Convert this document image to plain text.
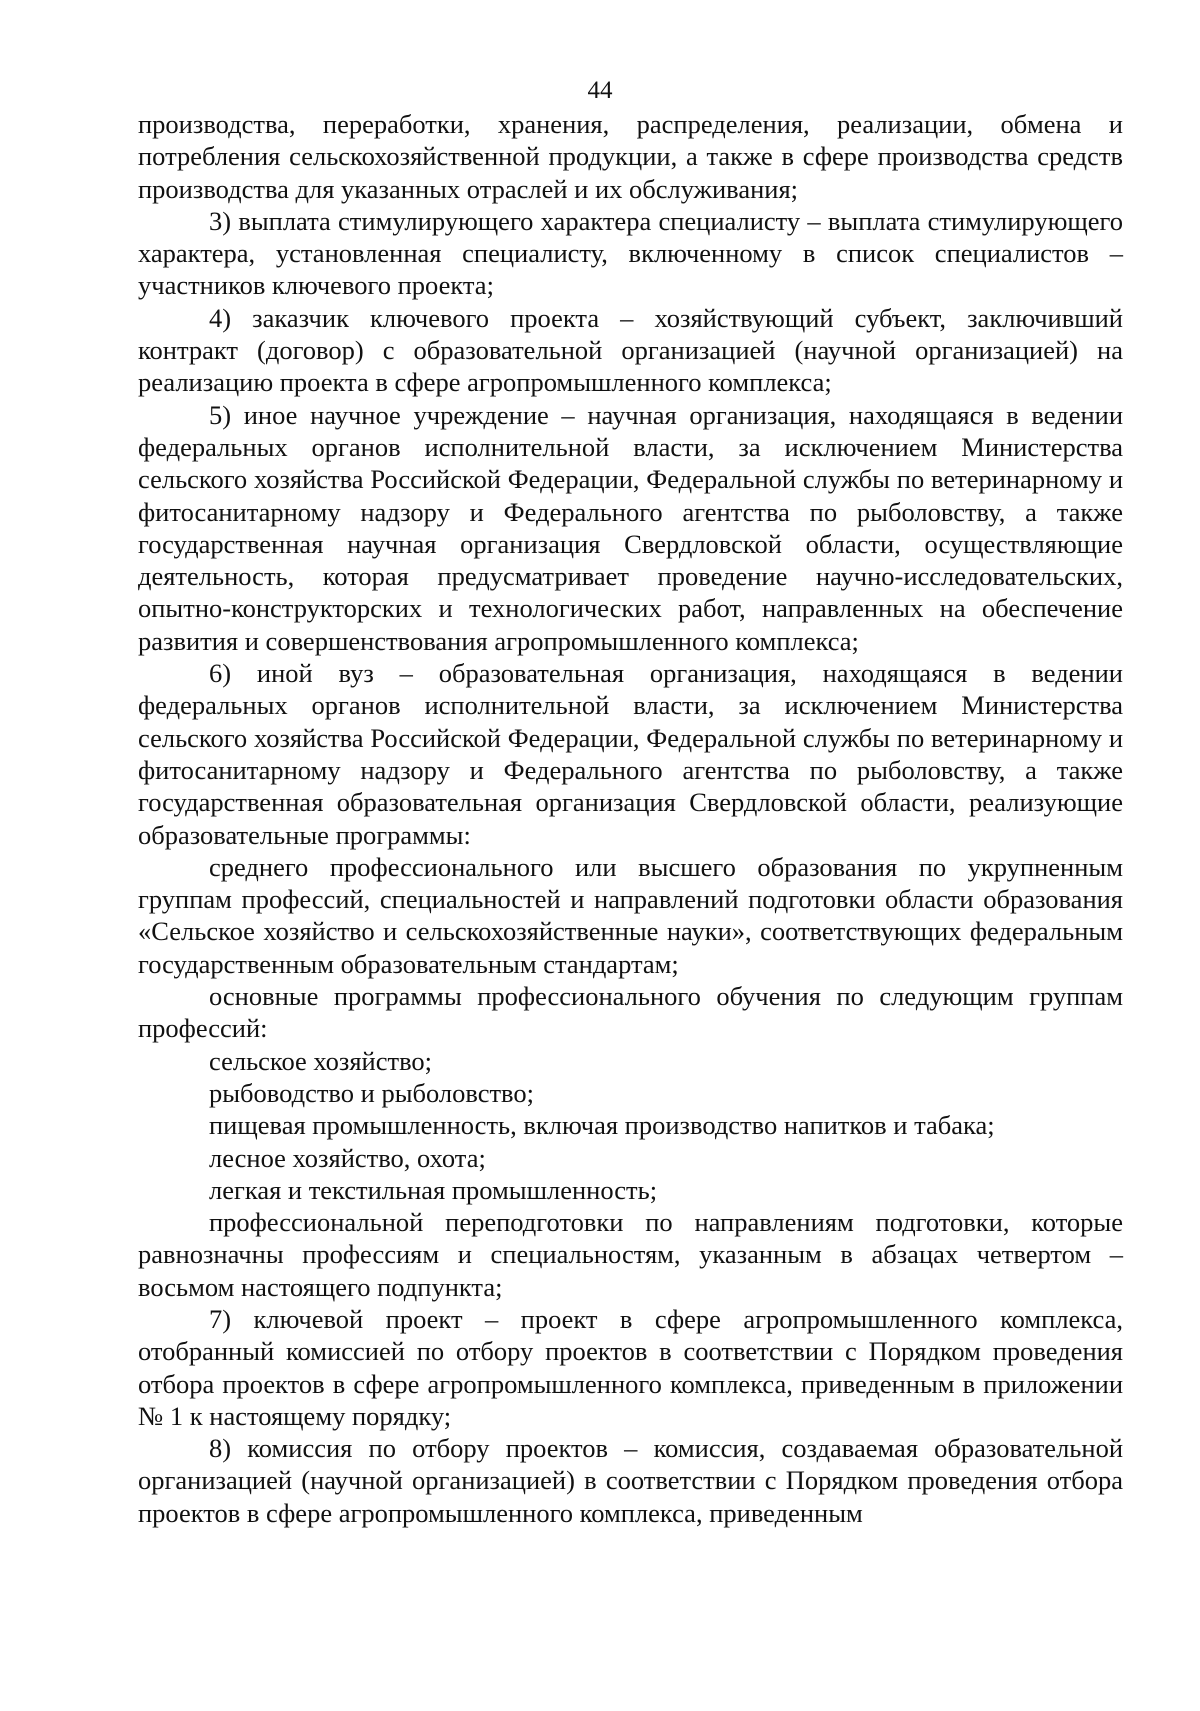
44

производства, переработки, хранения, распределения, реализации, обмена и потребления сельскохозяйственной продукции, а также в сфере производства средств производства для указанных отраслей и их обслуживания;

3) выплата стимулирующего характера специалисту – выплата стимулирующего характера, установленная специалисту, включенному в список специалистов – участников ключевого проекта;

4) заказчик ключевого проекта – хозяйствующий субъект, заключивший контракт (договор) с образовательной организацией (научной организацией) на реализацию проекта в сфере агропромышленного комплекса;

5) иное научное учреждение – научная организация, находящаяся в ведении федеральных органов исполнительной власти, за исключением Министерства сельского хозяйства Российской Федерации, Федеральной службы по ветеринарному и фитосанитарному надзору и Федерального агентства по рыболовству, а также государственная научная организация Свердловской области, осуществляющие деятельность, которая предусматривает проведение научно-исследовательских, опытно-конструкторских и технологических работ, направленных на обеспечение развития и совершенствования агропромышленного комплекса;

6) иной вуз – образовательная организация, находящаяся в ведении федеральных органов исполнительной власти, за исключением Министерства сельского хозяйства Российской Федерации, Федеральной службы по ветеринарному и фитосанитарному надзору и Федерального агентства по рыболовству, а также государственная образовательная организация Свердловской области, реализующие образовательные программы:

среднего профессионального или высшего образования по укрупненным группам профессий, специальностей и направлений подготовки области образования «Сельское хозяйство и сельскохозяйственные науки», соответствующих федеральным государственным образовательным стандартам;

основные программы профессионального обучения по следующим группам профессий:

сельское хозяйство;

рыбоводство и рыболовство;

пищевая промышленность, включая производство напитков и табака;

лесное хозяйство, охота;

легкая и текстильная промышленность;

профессиональной переподготовки по направлениям подготовки, которые равнозначны профессиям и специальностям, указанным в абзацах четвертом – восьмом настоящего подпункта;

7) ключевой проект – проект в сфере агропромышленного комплекса, отобранный комиссией по отбору проектов в соответствии с Порядком проведения отбора проектов в сфере агропромышленного комплекса, приведенным в приложении № 1 к настоящему порядку;

8) комиссия по отбору проектов – комиссия, создаваемая образовательной организацией (научной организацией) в соответствии с Порядком проведения отбора проектов в сфере агропромышленного комплекса, приведенным
